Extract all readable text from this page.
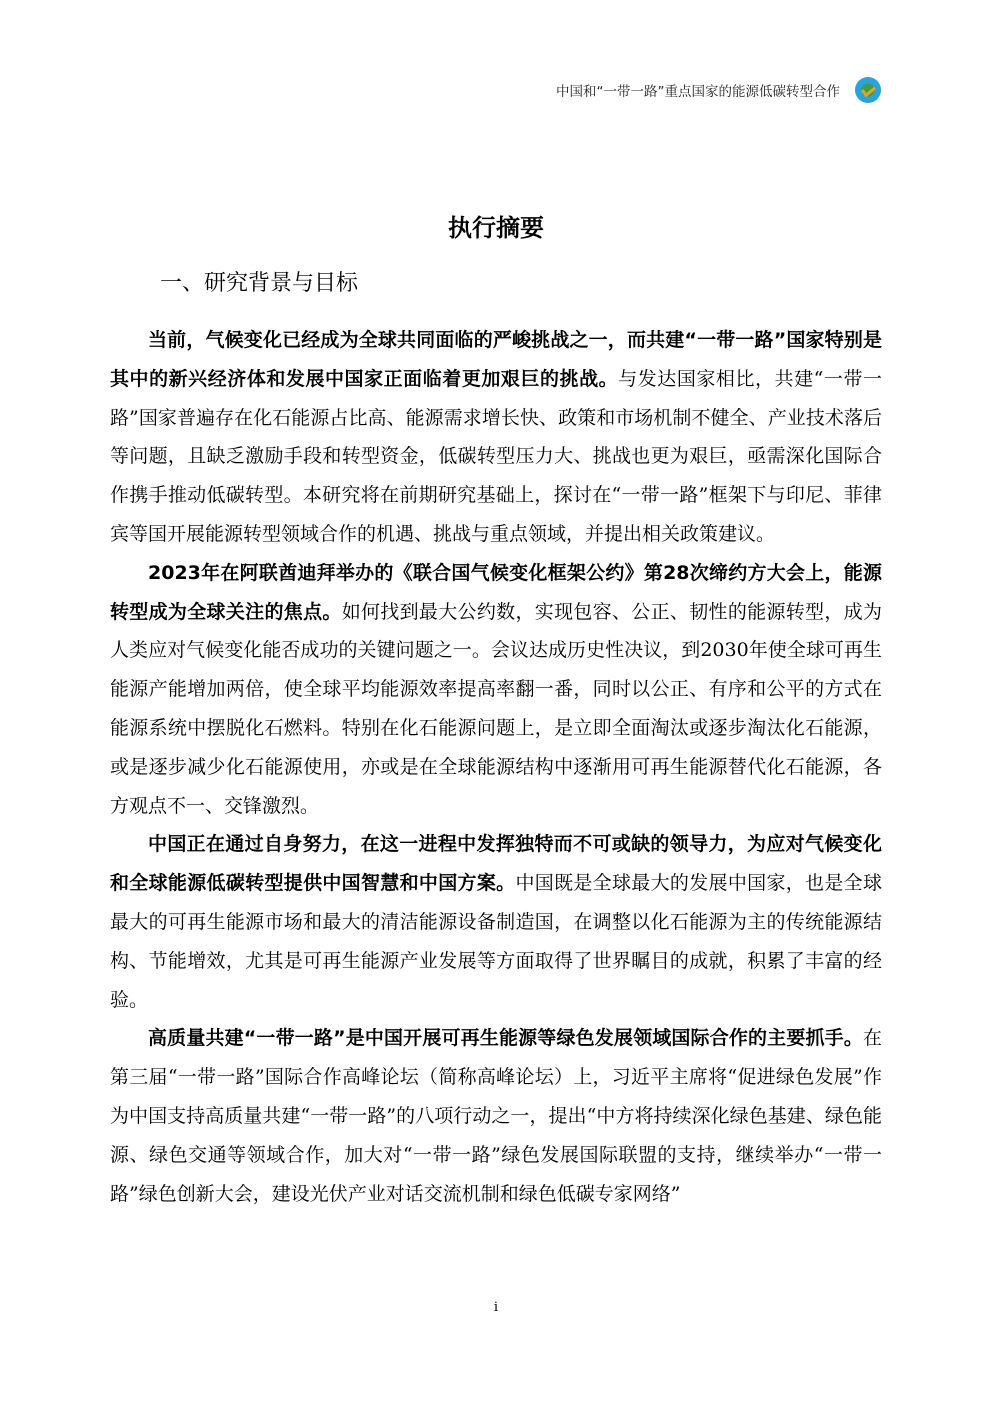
中国和“一带一路”重点国家的能源低碳转型合作
执行摘要
一、研究背景与目标

当前，气候变化已经成为全球共同面临的严峻挑战之一，而共建“一带一路”国家特别是其中的新兴经济体和发展中国家正面临着更加艰巨的挑战。与发达国家相比，共建“一带一路”国家普遍存在化石能源占比高、能源需求增长快、政策和市场机制不健全、产业技术落后等问题，且缺乏激励手段和转型资金，低碳转型压力大、挑战也更为艰巨，亟需深化国际合作携手推动低碳转型。本研究将在前期研究基础上，探讨在“一带一路”框架下与印尼、菲律宾等国开展能源转型领域合作的机遇、挑战与重点领域，并提出相关政策建议。

2023年在阿联酋迪拜举办的《联合国气候变化框架公约》第28次缔约方大会上，能源转型成为全球关注的焦点。如何找到最大公约数，实现包容、公正、韧性的能源转型，成为人类应对气候变化能否成功的关键问题之一。会议达成历史性决议，到2030年使全球可再生能源产能增加两倍，使全球平均能源效率提高率翻一番，同时以公正、有序和公平的方式在能源系统中摆脱化石燃料。特别在化石能源问题上，是立即全面淘汰或逐步淘汰化石能源，或是逐步减少化石能源使用，亦或是在全球能源结构中逐渐用可再生能源替代化石能源，各方观点不一、交锋激烈。

中国正在通过自身努力，在这一进程中发挥独特而不可或缺的领导力，为应对气候变化和全球能源低碳转型提供中国智慧和中国方案。中国既是全球最大的发展中国家，也是全球最大的可再生能源市场和最大的清洁能源设备制造国，在调整以化石能源为主的传统能源结构、节能增效，尤其是可再生能源产业发展等方面取得了世界瞩目的成就，积累了丰富的经验。

高质量共建“一带一路”是中国开展可再生能源等绿色发展领域国际合作的主要抓手。在第三届“一带一路”国际合作高峰论坛（简称高峰论坛）上，习近平主席将“促进绿色发展”作为中国支持高质量共建“一带一路”的八项行动之一，提出“中方将持续深化绿色基建、绿色能源、绿色交通等领域合作，加大对“一带一路”绿色发展国际联盟的支持，继续举办“一带一路”绿色创新大会，建设光伏产业对话交流机制和绿色低碳专家网络”

i
